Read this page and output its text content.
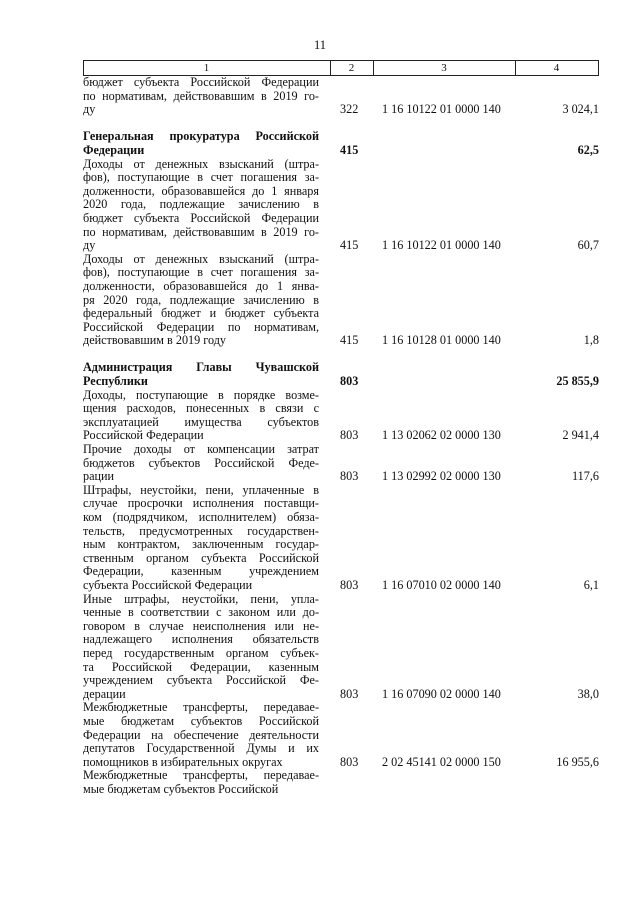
11
1	2	3	4
бюджет субъекта Российской Федерации
по нормативам, действовавшим в 2019 го-
ду	322 1 16 10122 01 0000 140	3 024,1
Генеральная прокуратура Российской
Федерации	415	62,5
Доходы от денежных взысканий (штра-
фов), поступающие в счет погашения за-
долженности, образовавшейся до 1 января
2020 года, подлежащие зачислению в
бюджет субъекта Российской Федерации
по нормативам, действовавшим в 2019 го-
ду	415 1 16 10122 01 0000 140	60,7
Доходы от денежных взысканий (штра-
фов), поступающие в счет погашения за-
долженности, образовавшейся до 1 янва-
ря 2020 года, подлежащие зачислению в
федеральный бюджет и бюджет субъекта
Российской Федерации по нормативам,
действовавшим в 2019 году	415 1 16 10128 01 0000 140	1,8
Администрация Главы Чувашской
Республики	803	25 855,9
Доходы, поступающие в порядке возме-
щения расходов, понесенных в связи с
эксплуатацией имущества субъектов
Российской Федерации	803 1 13 02062 02 0000 130	2 941,4
Прочие доходы от компенсации затрат
бюджетов субъектов Российской Феде-
рации	803 1 13 02992 02 0000 130	117,6
Штрафы, неустойки, пени, уплаченные в
случае просрочки исполнения поставщи-
ком (подрядчиком, исполнителем) обяза-
тельств, предусмотренных государствен-
ным контрактом, заключенным государ-
ственным органом субъекта Российской
Федерации, казенным учреждением
субъекта Российской Федерации	803 1 16 07010 02 0000 140	6,1
Иные штрафы, неустойки, пени, упла-
ченные в соответствии с законом или до-
говором в случае неисполнения или не-
надлежащего исполнения обязательств
перед государственным органом субъек-
та Российской Федерации, казенным
учреждением субъекта Российской Фе-
дерации	803 1 16 07090 02 0000 140	38,0
Межбюджетные трансферты, передавае-
мые бюджетам субъектов Российской
Федерации на обеспечение деятельности
депутатов Государственной Думы и их
помощников в избирательных округах	803 2 02 45141 02 0000 150	16 955,6
Межбюджетные трансферты, передавае-
мые бюджетам субъектов Российской
